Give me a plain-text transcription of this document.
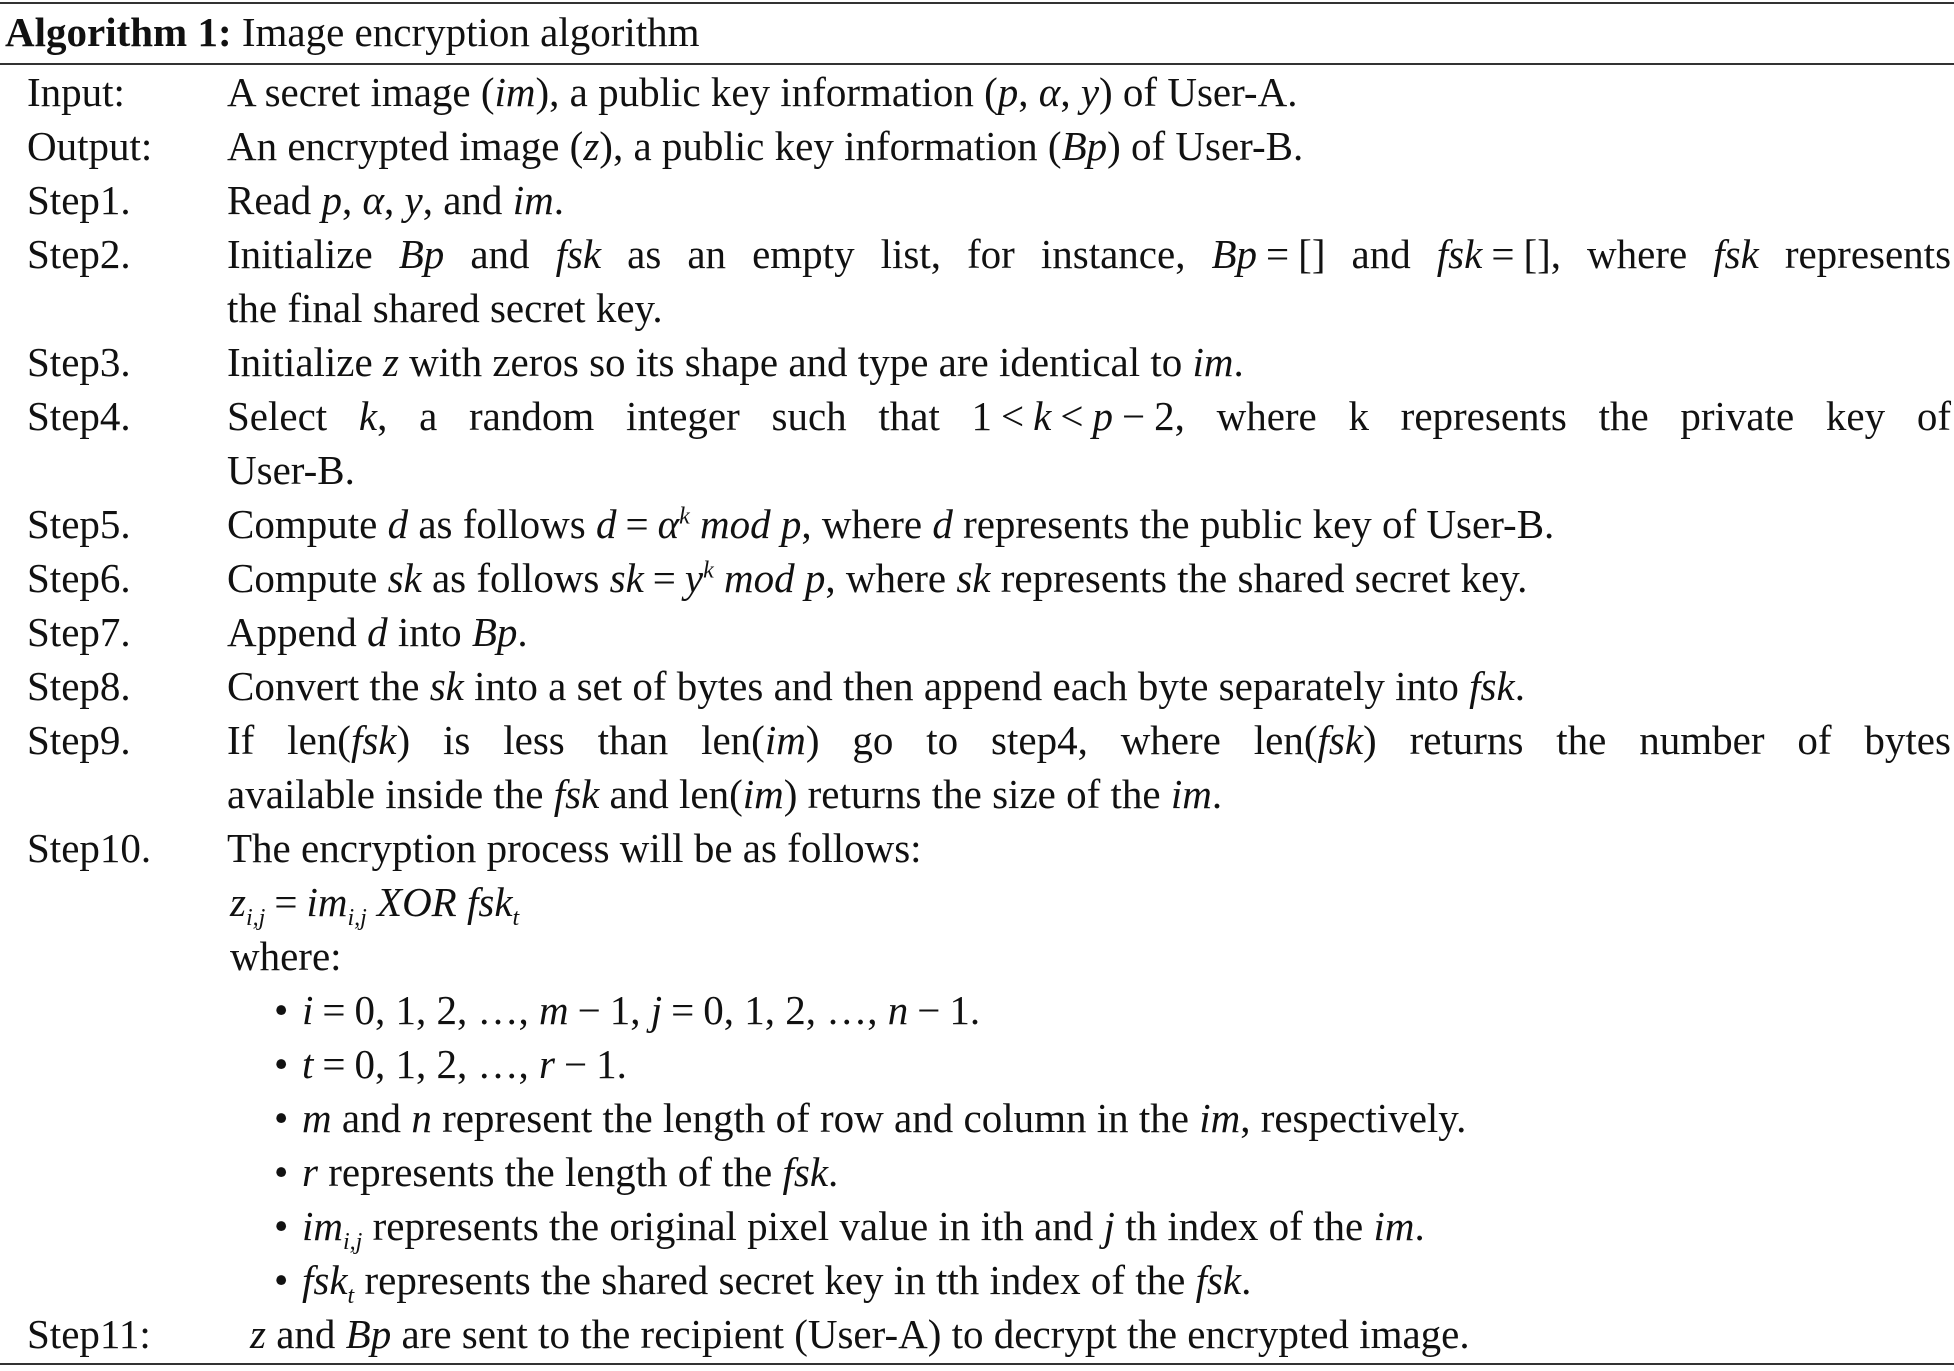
Algorithm 1: Image encryption algorithm
Input: A secret image (im), a public key information (p, α, y) of User-A.
Output: An encrypted image (z), a public key information (Bp) of User-B.
Step1. Read p, α, y, and im.
Step2. Initialize Bp and fsk as an empty list, for instance, Bp = [] and fsk = [], where fsk represents
the final shared secret key.
Step3. Initialize z with zeros so its shape and type are identical to im.
Step4. Select k, a random integer such that 1 < k < p − 2, where k represents the private key of
User-B.
Step5. Compute d as follows $d = \alpha^k$ mod p, where d represents the public key of User-B.
Step6. Compute sk as follows sk = $y^k$ mod p, where sk represents the shared secret key.
Step7. Append d into Bp.
Step8. Convert the sk into a set of bytes and then append each byte separately into fsk.
Step9. If len(fsk) is less than len(im) go to step4, where len(fsk) returns the number of bytes
available inside the fsk and len(im) returns the size of the im.
Step10. The encryption process will be as follows:
$z_{i,j} = im_{i,j}$ XOR fsk$_t$
where:
• i = 0, 1, 2, …, m − 1, j = 0, 1, 2, …, n − 1.
• t = 0, 1, 2, …, r − 1.
• m and n represent the length of row and column in the im, respectively.
• r represents the length of the fsk.
• $im_{i,j}$ represents the original pixel value in ith and j th index of the im.
• fsk$_t$ represents the shared secret key in tth index of the fsk.
Step11: z and Bp are sent to the recipient (User-A) to decrypt the encrypted image.
